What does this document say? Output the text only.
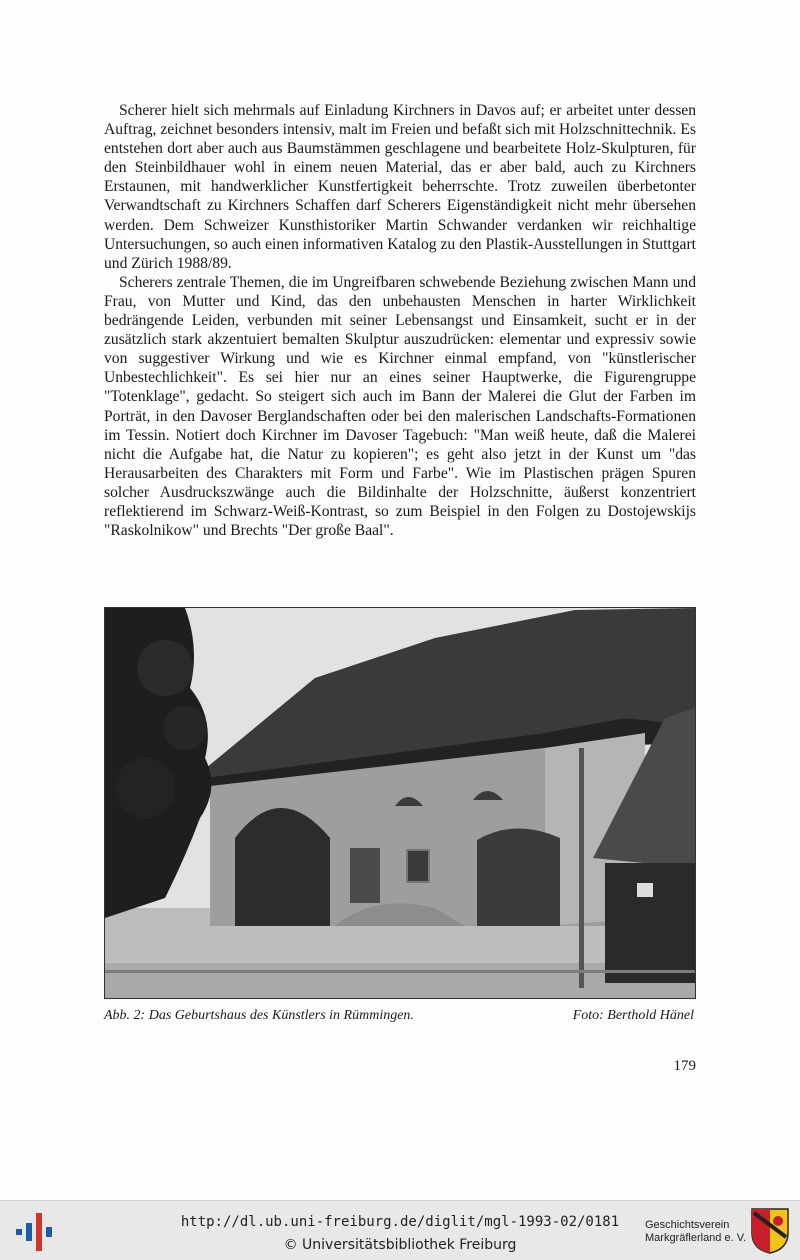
Scherer hielt sich mehrmals auf Einladung Kirchners in Davos auf; er arbeitet unter dessen Auftrag, zeichnet besonders intensiv, malt im Freien und befaßt sich mit Holzschnittechnik. Es entstehen dort aber auch aus Baumstämmen geschlagene und bearbeitete Holz-Skulpturen, für den Steinbildhauer wohl in einem neuen Material, das er aber bald, auch zu Kirchners Erstaunen, mit handwerklicher Kunstfertigkeit beherrschte. Trotz zuweilen überbetonter Verwandtschaft zu Kirchners Schaffen darf Scherers Eigenständigkeit nicht mehr übersehen werden. Dem Schweizer Kunsthistoriker Martin Schwander verdanken wir reichhaltige Untersuchungen, so auch einen informativen Katalog zu den Plastik-Ausstellungen in Stuttgart und Zürich 1988/89.

Scherers zentrale Themen, die im Ungreifbaren schwebende Beziehung zwischen Mann und Frau, von Mutter und Kind, das den unbehausten Menschen in harter Wirklichkeit bedrängende Leiden, verbunden mit seiner Lebensangst und Einsamkeit, sucht er in der zusätzlich stark akzentuiert bemalten Skulptur auszudrücken: elementar und expressiv sowie von suggestiver Wirkung und wie es Kirchner einmal empfand, von "künstlerischer Unbestechlichkeit". Es sei hier nur an eines seiner Hauptwerke, die Figurengruppe "Totenklage", gedacht. So steigert sich auch im Bann der Malerei die Glut der Farben im Porträt, in den Davoser Berglandschaften oder bei den malerischen Landschafts-Formationen im Tessin. Notiert doch Kirchner im Davoser Tagebuch: "Man weiß heute, daß die Malerei nicht die Aufgabe hat, die Natur zu kopieren"; es geht also jetzt in der Kunst um "das Herausarbeiten des Charakters mit Form und Farbe". Wie im Plastischen prägen Spuren solcher Ausdruckszwänge auch die Bildinhalte der Holzschnitte, äußerst konzentriert reflektierend im Schwarz-Weiß-Kontrast, so zum Beispiel in den Folgen zu Dostojewskijs "Raskolnikow" und Brechts "Der große Baal".

Abb. 2: Das Geburtshaus des Künstlers in Rümmingen.	Foto: Berthold Hänel
179
http://dl.ub.uni-freiburg.de/diglit/mgl-1993-02/0181
© Universitätsbibliothek Freiburg
Geschichtsverein
Markgräflerland e. V.
